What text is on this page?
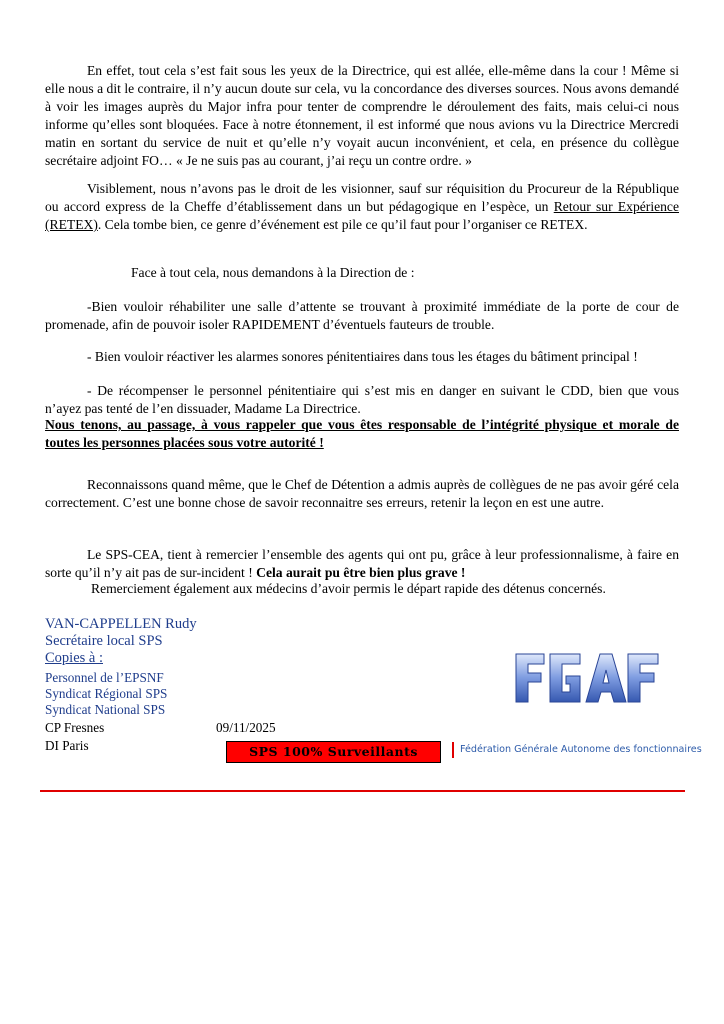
En effet, tout cela s’est fait sous les yeux de la Directrice, qui est allée, elle-même dans la cour ! Même si elle nous a dit le contraire, il n’y aucun doute sur cela, vu la concordance des diverses sources. Nous avons demandé à voir les images auprès du Major infra pour tenter de comprendre le déroulement des faits, mais celui-ci nous informe qu’elles sont bloquées. Face à notre étonnement, il est informé que nous avions vu la Directrice Mercredi matin en sortant du service de nuit et qu’elle n’y voyait aucun inconvénient, et cela, en présence du collègue secrétaire adjoint FO… « Je ne suis pas au courant, j’ai reçu un contre ordre. »

Visiblement, nous n’avons pas le droit de les visionner, sauf sur réquisition du Procureur de la République ou accord express de la Cheffe d’établissement dans un but pédagogique en l’espèce, un Retour sur Expérience (RETEX). Cela tombe bien, ce genre d’événement est pile ce qu’il faut pour l’organiser ce RETEX.

Face à tout cela, nous demandons à la Direction de :

-Bien vouloir réhabiliter une salle d’attente se trouvant à proximité immédiate de la porte de cour de promenade, afin de pouvoir isoler RAPIDEMENT d’éventuels fauteurs de trouble.

- Bien vouloir réactiver les alarmes sonores pénitentiaires dans tous les étages du bâtiment principal !

- De récompenser le personnel pénitentiaire qui s’est mis en danger en suivant le CDD, bien que vous n’ayez pas tenté de l’en dissuader, Madame La Directrice.

Nous tenons, au passage, à vous rappeler que vous êtes responsable de l’intégrité physique et morale de toutes les personnes placées sous votre autorité !

Reconnaissons quand même, que le Chef de Détention a admis auprès de collègues de ne pas avoir géré cela correctement. C’est une bonne chose de savoir reconnaitre ses erreurs, retenir la leçon en est une autre.

Le SPS-CEA, tient à remercier l’ensemble des agents qui ont pu, grâce à leur professionnalisme, à faire en sorte qu’il n’y ait pas de sur-incident ! Cela aurait pu être bien plus grave !

Remerciement également aux médecins d’avoir permis le départ rapide des détenus concernés.

VAN-CAPPELLEN Rudy
Secrétaire local SPS
Copies à :
Personnel de l’EPSNF
Syndicat Régional SPS
Syndicat National SPS
CP Fresnes
DI Paris
09/11/2025
FGAF
SPS 100% Surveillants	Fédération Générale Autonome des fonctionnaires
